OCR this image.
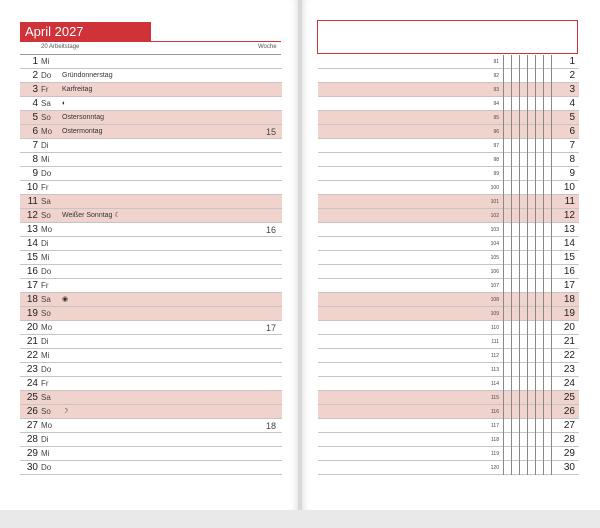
April 2027
20 Arbeitstage	Woche
1 Mi
2 Do Gründonnerstag
3 Fr Karfreitag
4 Sa ◐
5 So Ostersonntag
6 Mo Ostermontag	15
7 Di
8 Mi
9 Do
10 Fr
11 Sa
12 So Weißer Sonntag ☾
13 Mo	16
14 Di
15 Mi
16 Do
17 Fr
18 Sa ◉
19 So
20 Mo	17
21 Di
22 Mi
23 Do
24 Fr
25 Sa
26 So ☽
27 Mo	18
28 Di
29 Mi
30 Do
91	1
92	2
93	3
94	4
95	5
96	6
97	7
98	8
99	9
100	10
101	11
102	12
103	13
104	14
105	15
106	16
107	17
108	18
109	19
110	20
111	21
112	22
113	23
114	24
115	25
116	26
117	27
118	28
119	29
120	30
